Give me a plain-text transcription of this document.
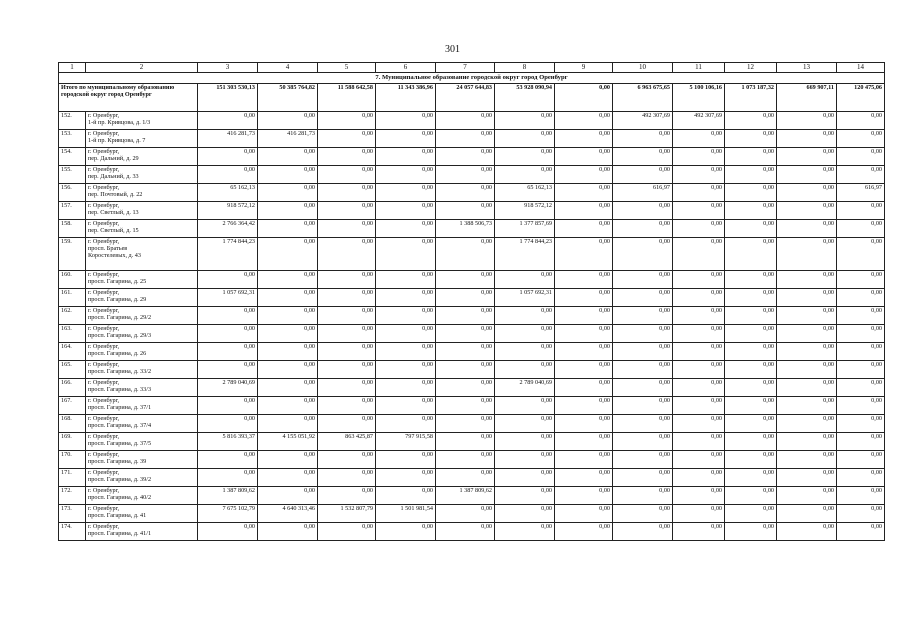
301
1	2	3	4	5	6	7	8	9	10	11	12	13	14
7. Муниципальное образование городской округ город Оренбург													
Итого по муниципальному образованию городской округ город Оренбург		151 303 530,13	50 385 764,82	11 588 642,58	11 343 386,96	24 057 644,83	53 928 090,94	0,00	6 963 675,65	5 100 106,16	1 073 187,32	669 907,11	120 475,06
152.	г. Оренбург,
1-й пр. Кривцова, д. 1/3	0,00	0,00	0,00	0,00	0,00	0,00	0,00	492 307,69	492 307,69	0,00	0,00	0,00
153.	г. Оренбург,
1-й пр. Кривцова, д. 7	416 281,73	416 281,73	0,00	0,00	0,00	0,00	0,00	0,00	0,00	0,00	0,00	0,00
154.	г. Оренбург,
пер. Дальний, д. 29	0,00	0,00	0,00	0,00	0,00	0,00	0,00	0,00	0,00	0,00	0,00	0,00
155.	г. Оренбург,
пер. Дальний, д. 33	0,00	0,00	0,00	0,00	0,00	0,00	0,00	0,00	0,00	0,00	0,00	0,00
156.	г. Оренбург,
пер. Почтовый, д. 22	65 162,13	0,00	0,00	0,00	0,00	65 162,13	0,00	616,97	0,00	0,00	0,00	616,97
157.	г. Оренбург,
пер. Светлый, д. 13	918 572,12	0,00	0,00	0,00	0,00	918 572,12	0,00	0,00	0,00	0,00	0,00	0,00
158.	г. Оренбург,
пер. Светлый, д. 15	2 766 364,42	0,00	0,00	0,00	1 388 506,73	1 377 857,69	0,00	0,00	0,00	0,00	0,00	0,00
159.	г. Оренбург,
просп. Братьев
Коростелевых, д. 43	1 774 844,23	0,00	0,00	0,00	0,00	1 774 844,23	0,00	0,00	0,00	0,00	0,00	0,00
160.	г. Оренбург,
просп. Гагарина, д. 25	0,00	0,00	0,00	0,00	0,00	0,00	0,00	0,00	0,00	0,00	0,00	0,00
161.	г. Оренбург,
просп. Гагарина, д. 29	1 057 692,31	0,00	0,00	0,00	0,00	1 057 692,31	0,00	0,00	0,00	0,00	0,00	0,00
162.	г. Оренбург,
просп. Гагарина, д. 29/2	0,00	0,00	0,00	0,00	0,00	0,00	0,00	0,00	0,00	0,00	0,00	0,00
163.	г. Оренбург,
просп. Гагарина, д. 29/3	0,00	0,00	0,00	0,00	0,00	0,00	0,00	0,00	0,00	0,00	0,00	0,00
164.	г. Оренбург,
просп. Гагарина, д. 26	0,00	0,00	0,00	0,00	0,00	0,00	0,00	0,00	0,00	0,00	0,00	0,00
165.	г. Оренбург,
просп. Гагарина, д. 33/2	0,00	0,00	0,00	0,00	0,00	0,00	0,00	0,00	0,00	0,00	0,00	0,00
166.	г. Оренбург,
просп. Гагарина, д. 33/3	2 789 040,69	0,00	0,00	0,00	0,00	2 789 040,69	0,00	0,00	0,00	0,00	0,00	0,00
167.	г. Оренбург,
просп. Гагарина, д. 37/1	0,00	0,00	0,00	0,00	0,00	0,00	0,00	0,00	0,00	0,00	0,00	0,00
168.	г. Оренбург,
просп. Гагарина, д. 37/4	0,00	0,00	0,00	0,00	0,00	0,00	0,00	0,00	0,00	0,00	0,00	0,00
169.	г. Оренбург,
просп. Гагарина, д. 37/5	5 816 393,37	4 155 051,92	863 425,87	797 915,58	0,00	0,00	0,00	0,00	0,00	0,00	0,00	0,00
170.	г. Оренбург,
просп. Гагарина, д. 39	0,00	0,00	0,00	0,00	0,00	0,00	0,00	0,00	0,00	0,00	0,00	0,00
171.	г. Оренбург,
просп. Гагарина, д. 39/2	0,00	0,00	0,00	0,00	0,00	0,00	0,00	0,00	0,00	0,00	0,00	0,00
172.	г. Оренбург,
просп. Гагарина, д. 40/2	1 387 809,62	0,00	0,00	0,00	1 387 809,62	0,00	0,00	0,00	0,00	0,00	0,00	0,00
173.	г. Оренбург,
просп. Гагарина, д. 41	7 675 102,79	4 640 313,46	1 532 807,79	1 501 981,54	0,00	0,00	0,00	0,00	0,00	0,00	0,00	0,00
174.	г. Оренбург,
просп. Гагарина, д. 41/1	0,00	0,00	0,00	0,00	0,00	0,00	0,00	0,00	0,00	0,00	0,00	0,00
